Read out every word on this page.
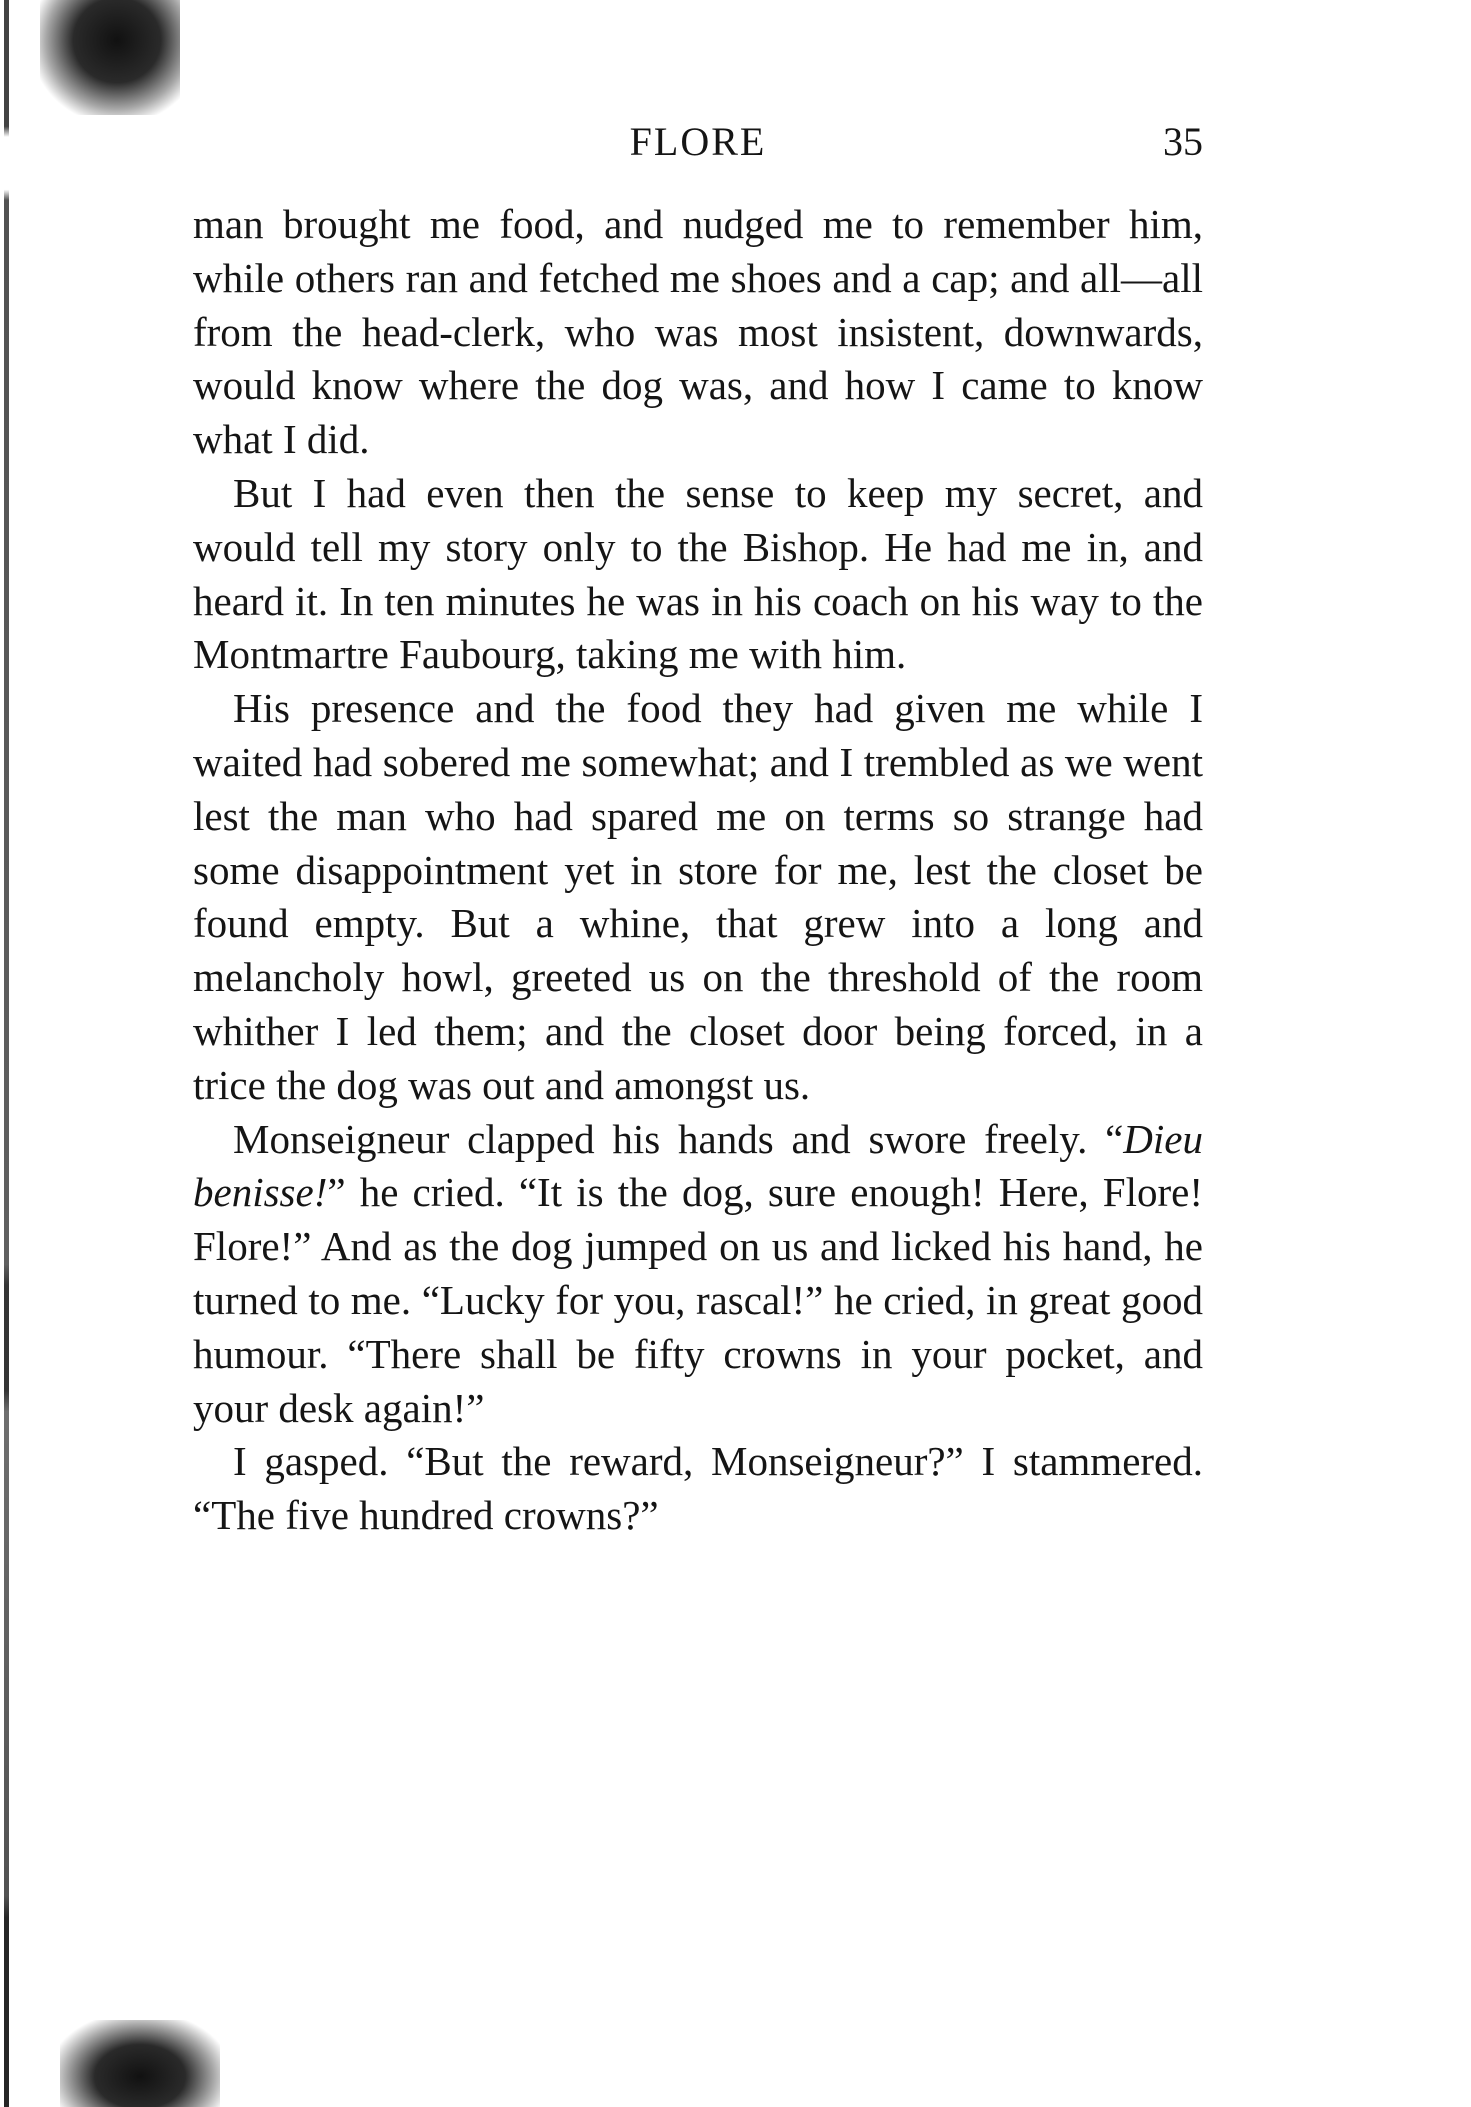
FLORE	35

man brought me food, and nudged me to remember him, while others ran and fetched me shoes and a cap; and all—all from the head-clerk, who was most insistent, downwards, would know where the dog was, and how I came to know what I did.

But I had even then the sense to keep my secret, and would tell my story only to the Bishop. He had me in, and heard it. In ten minutes he was in his coach on his way to the Montmartre Faubourg, taking me with him.

His presence and the food they had given me while I waited had sobered me somewhat; and I trembled as we went lest the man who had spared me on terms so strange had some disappointment yet in store for me, lest the closet be found empty. But a whine, that grew into a long and melancholy howl, greeted us on the threshold of the room whither I led them; and the closet door being forced, in a trice the dog was out and amongst us.

Monseigneur clapped his hands and swore freely. “Dieu benisse!” he cried. “It is the dog, sure enough! Here, Flore! Flore!” And as the dog jumped on us and licked his hand, he turned to me. “Lucky for you, rascal!” he cried, in great good humour. “There shall be fifty crowns in your pocket, and your desk again!”

I gasped. “But the reward, Monseigneur?” I stammered. “The five hundred crowns?”
